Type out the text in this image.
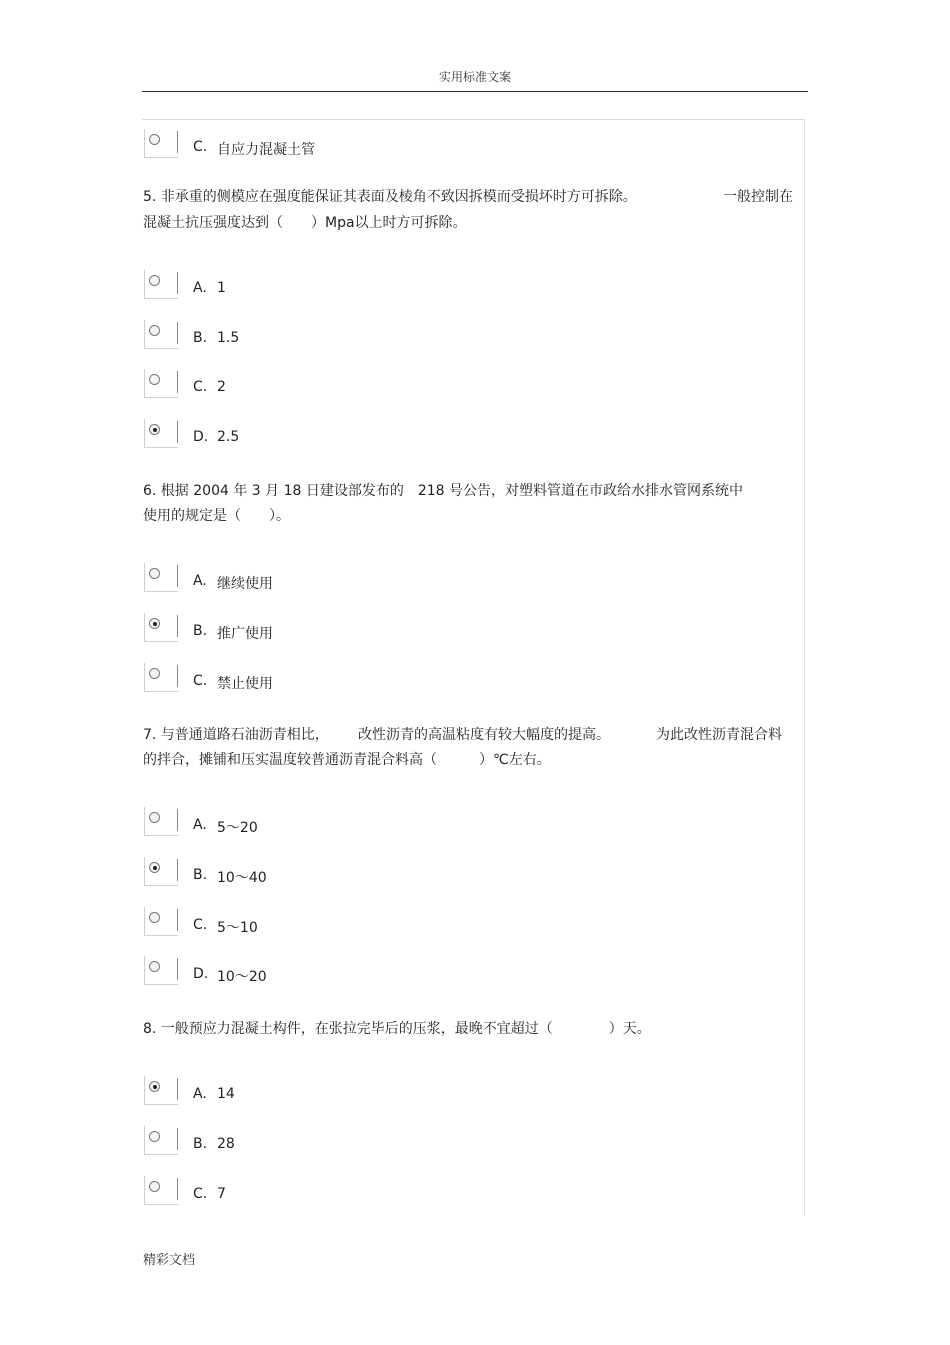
实用标准文案
C. 自应力混凝土管
5. 非承重的侧模应在强度能保证其表面及棱角不致因拆模而受损坏时方可拆除。	一般控制在
混凝土抗压强度达到（　　）Mpa以上时方可拆除。
A. 1
B. 1.5
C. 2
D. 2.5
6. 根据 2004 年 3 月 18 日建设部发布的　218 号公告，对塑料管道在市政给水排水管网系统中
使用的规定是（　　）。
A. 继续使用
B. 推广使用
C. 禁止使用
7. 与普通道路石油沥青相比， 改性沥青的高温粘度有较大幅度的提高。	为此改性沥青混合料
的拌合，摊铺和压实温度较普通沥青混合料高（　　　）℃左右。
A. 5～20
B. 10～40
C. 5～10
D. 10～20
8. 一般预应力混凝土构件，在张拉完毕后的压浆，最晚不宜超过（　　　　）天。
A. 14
B. 28
C. 7
精彩文档
